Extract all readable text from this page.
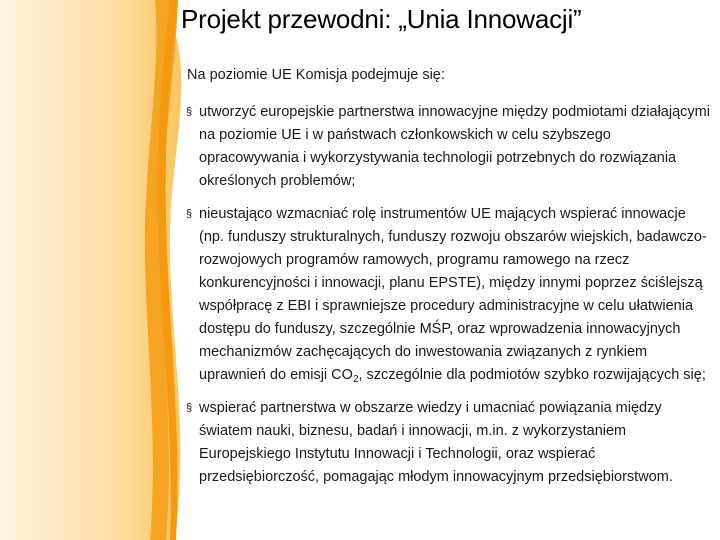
Projekt przewodni: „Unia Innowacji”

Na poziomie UE Komisja podejmuje się:

§ utworzyć europejskie partnerstwa innowacyjne między podmiotami działającymi na poziomie UE i w państwach członkowskich w celu szybszego opracowywania i wykorzystywania technologii potrzebnych do rozwiązania określonych problemów;
§ nieustająco wzmacniać rolę instrumentów UE mających wspierać innowacje (np. funduszy strukturalnych, funduszy rozwoju obszarów wiejskich, badawczo-rozwojowych programów ramowych, programu ramowego na rzecz konkurencyjności i innowacji, planu EPSTE), między innymi poprzez ściślejszą współpracę z EBI i sprawniejsze procedury administracyjne w celu ułatwienia dostępu do funduszy, szczególnie MŚP, oraz wprowadzenia innowacyjnych mechanizmów zachęcających do inwestowania związanych z rynkiem uprawnień do emisji $CO_2$, szczególnie dla podmiotów szybko rozwijających się;
§ wspierać partnerstwa w obszarze wiedzy i umacniać powiązania między światem nauki, biznesu, badań i innowacji, m.in. z wykorzystaniem Europejskiego Instytutu Innowacji i Technologii, oraz wspierać przedsiębiorczość, pomagając młodym innowacyjnym przedsiębiorstwom.
